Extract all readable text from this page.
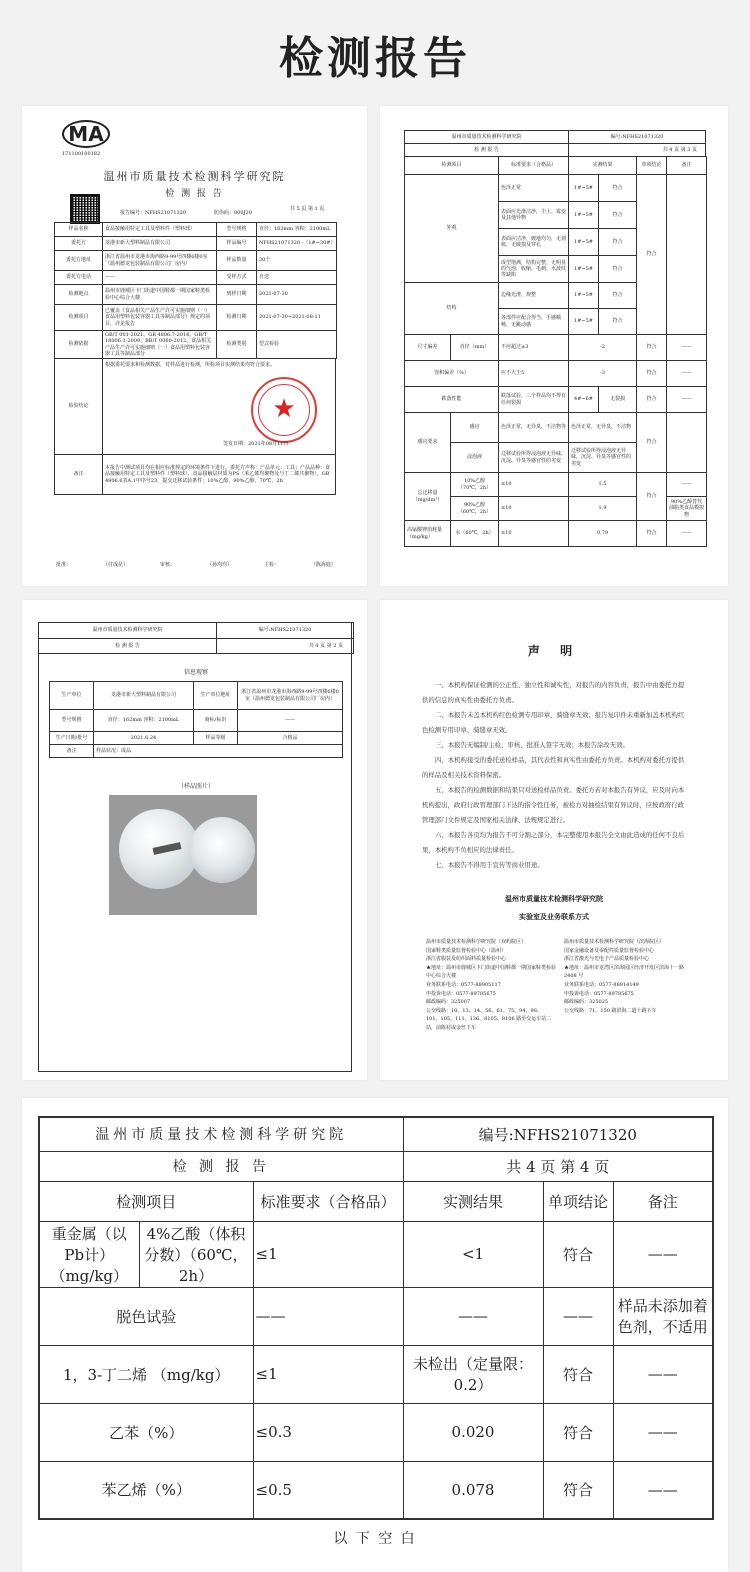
检测报告
MA
171100100182
温州市质量技术检测科学研究院
检 测 报 告
报告编号：NFHS21071320	防伪码：800J20
共 5 页 第 1 页
样品名称	食品接触用特定工具及塑料件（塑料球）	型号规格	直径：162mm 容积：2100mL
委托方	龙港市新大塑料制品有限公司	样品编号	NFHS21071320 -（1#~30#）
委托方地址	浙江省温州市龙港市海西路9-99号四楼6楼0室（温州德龙包装制品有限公司厂房内）	样品数量	30个
委托方电话	——	受样方式	自送
检测地点	温州市鹿城区卡门街道中国鞋都一期国家鞋类检验中心综合大楼	到样日期	2021-07-30
检测项目	已覆盖《食品相关产品生产许可实施细则（一）食品用塑料包装容器工具等制品部分》规定的项目，详见报告	检测日期	2021-07-30~2021-08-11
检测依据	GB/T 001-2021、GB 4806.7-2016、GB/T 18006.1-2009、BB/T 0060-2012、食品相关产品生产许可实施细则（一）食品用塑料包装容器工具等制品部分	检测类别	型式检验
检验结论	根据委托要求和检测数据，对样品进行检测，所检项目实测结果均符合要求。
★
签发日期：2021年08月11日

备注	本报告中测试项目均在相应标准规定的环境条件下进行。委托方声称：产品单元：工具；产品品种：食品接触用特定工具及塑料件（塑料球），食品接触层材质为PS（苯乙烯均聚物及与丁二烯共聚物），GB 4806.6表A.1中序号23，提交迁移试验条件：10%乙醇，90%乙醇，70℃，2h
批准：	（付成昆）	审核：	（孙均均）	主检：	（陈海庭）
温州市质量技术检测科学研究院	编号:NFHS21071320
检 测 报 告	共 4 页 第 3 页
检测项目		标准要求（合格品）	实测结果		单项结论	备注
外观		色泽正常	1#~5#	符合	符合	
		表面应光滑洁净，尘土、霉变及其他异物	1#~5#	符合		
		表面应洁净，镀地均匀，无划痕，无破损及穿孔	1#~5#	符合		
		成型饱满，结构完整，无明显的气泡、收缩、毛刺、水波纹等缺陷	1#~5#	符合		
结构		边缘光滑，规整	1#~5#	符合		
		各部件应配合得当，手感顺畅，无跳动感	1#~5#	符合		
尺寸偏差	直径（mm）	不应超过±3	-2		符合	——
容积偏差（%）		应不大于5	-3		符合	——
跌落性能		跌落试验，三个样品均不得有任何裂损	4#~6#	无裂损	符合	——
感官要求	感官	色泽正常，无异臭、不洁物等	色泽正常，无异臭、不洁物		符合	
	浸泡液	迁移试验所得浸泡液无异味，沉淀、异臭等感官性的劣变	迁移试验所得浸泡液无异味，沉淀、异臭等感官性的劣变			
总迁移量（mg/dm²）	10%乙醇（70℃，2h）	≤10	1.5		符合	——
	90%乙醇（60℃，2h）	≤10	1.9			90%乙醇替代油脂类食品模拟物
高锰酸钾消耗量（mg/kg）	水（60℃，2h）	≤10	0.79		符合	——
温州市质量技术检测科学研究院	编号:NFHS21071320
检 测 报 告	共 4 页 第 2 页
信息观察
生产单位	龙港市新大塑料制品有限公司	生产单位地址	浙江省温州市龙港市海西路9-99号四楼6楼0室（温州德龙包装制品有限公司厂房内）
型号规格	直径：162mm 容积：2100mL	商标/标识	——
生产日期/批号	2021.6.24	样品等级	合格品
备注	样品状况：成品		
（样品照片）
声 明

一、本机构保证检测的公正性、独立性和诚实性，对报告的内容负责，报告中由委托方提供的信息的真实性由委托方负责。

二、本报告未盖本机构红色检测专用印章、骑缝章无效；报告复印件未重新加盖本机构红色检测专用印章、骑缝章无效。

三、本报告无编制/主检、审核、批准人签字无效；本报告涂改无效。

四、本机构接受的委托送检样品，其代表性和真实性由委托方负责。本机构对委托方提供的样品及相关技术资料保密。

五、本报告的检测数据和结果只对送检样品负责。委托方若对本报告有异议，应及时向本机构提出，政府行政管理部门下达的指令性任务，被检方对抽检结果有异议时，应按政府行政管理部门文件规定及国家相关法律、法规规定进行。

六、本报告各页均为报告不可分割之部分，本完整使用本报告全文由此造成的任何不良后果，本机构不负相应的法律责任。

七、本报告不得用于宣传等商业用途。

温州市质量技术检测科学研究院
实验室及业务联系方式
温州市质量技术检测科学研究院（双屿院区）
国家鞋类质量监督检验中心（温州）
浙江省服装及纺织面料质量检验中心
★地址：温州市鹿城区卡门街道中国鞋都一期国家鞋类检验中心综合大楼
业务联系电话：0577-88905117
申投诉电话：0577-89785675
邮政编码：325007
公交线路：10、13、14、56、61、75、94、98、101、105、111、136、8105、8106 路至交运车站二站，前陈村或金丝下车
温州市质量技术检测科学研究院（滨海院区）
国家金融设备及零配件质量监督检验中心
浙江省激光与光电子产品质量检验中心
★地址：温州市龙湾区滨海园区经济开发区滨海十一路 2408 号
业务联系电话：0577-88914149
申投诉电话：0577-89785675
邮政编码：325025
公交线路：71、150 路滨海二道十路下车
温州市质量技术检测科学研究院			编号:NFHS21071320		
检 测 报 告			共 4 页 第 4 页		
检测项目		标准要求（合格品）	实测结果	单项结论	备注
重金属（以Pb计）（mg/kg）	4%乙酸（体积分数）（60℃，2h）	≤1	<1	符合	——
脱色试验		——	——	——	样品未添加着色剂，不适用
1，3-丁二烯 （mg/kg）		≤1	未检出（定量限：0.2）	符合	——
乙苯（%）		≤0.3	0.020	符合	——
苯乙烯（%）		≤0.5	0.078	符合	——
以 下 空 白
